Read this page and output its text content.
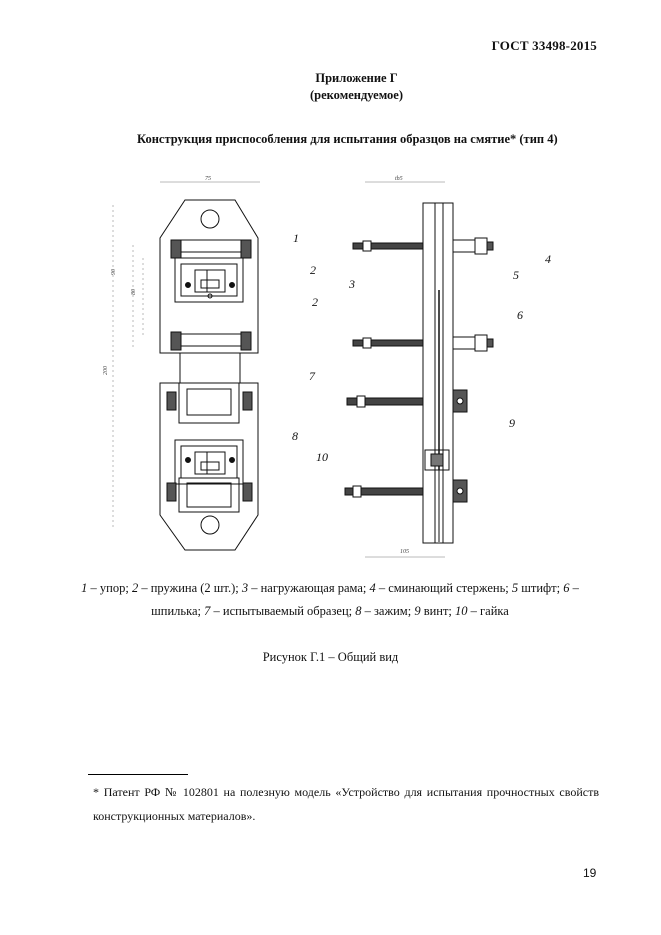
ГОСТ 33498-2015
Приложение Г
(рекомендуемое)
Конструкция приспособления для испытания образцов на смятие* (тип 4)
75	tb5
90
80
200
105
1
2
2
3
4
5
6
7
8
9
10
1 – упор; 2 – пружина (2 шт.); 3 – нагружающая рама; 4 – сминающий стержень; 5 штифт; 6 – шпилька; 7 – испытываемый образец; 8 – зажим; 9 винт; 10 – гайка
Рисунок Г.1 – Общий вид
* Патент РФ № 102801 на полезную модель «Устройство для испытания прочностных свойств конструкционных материалов».
19
